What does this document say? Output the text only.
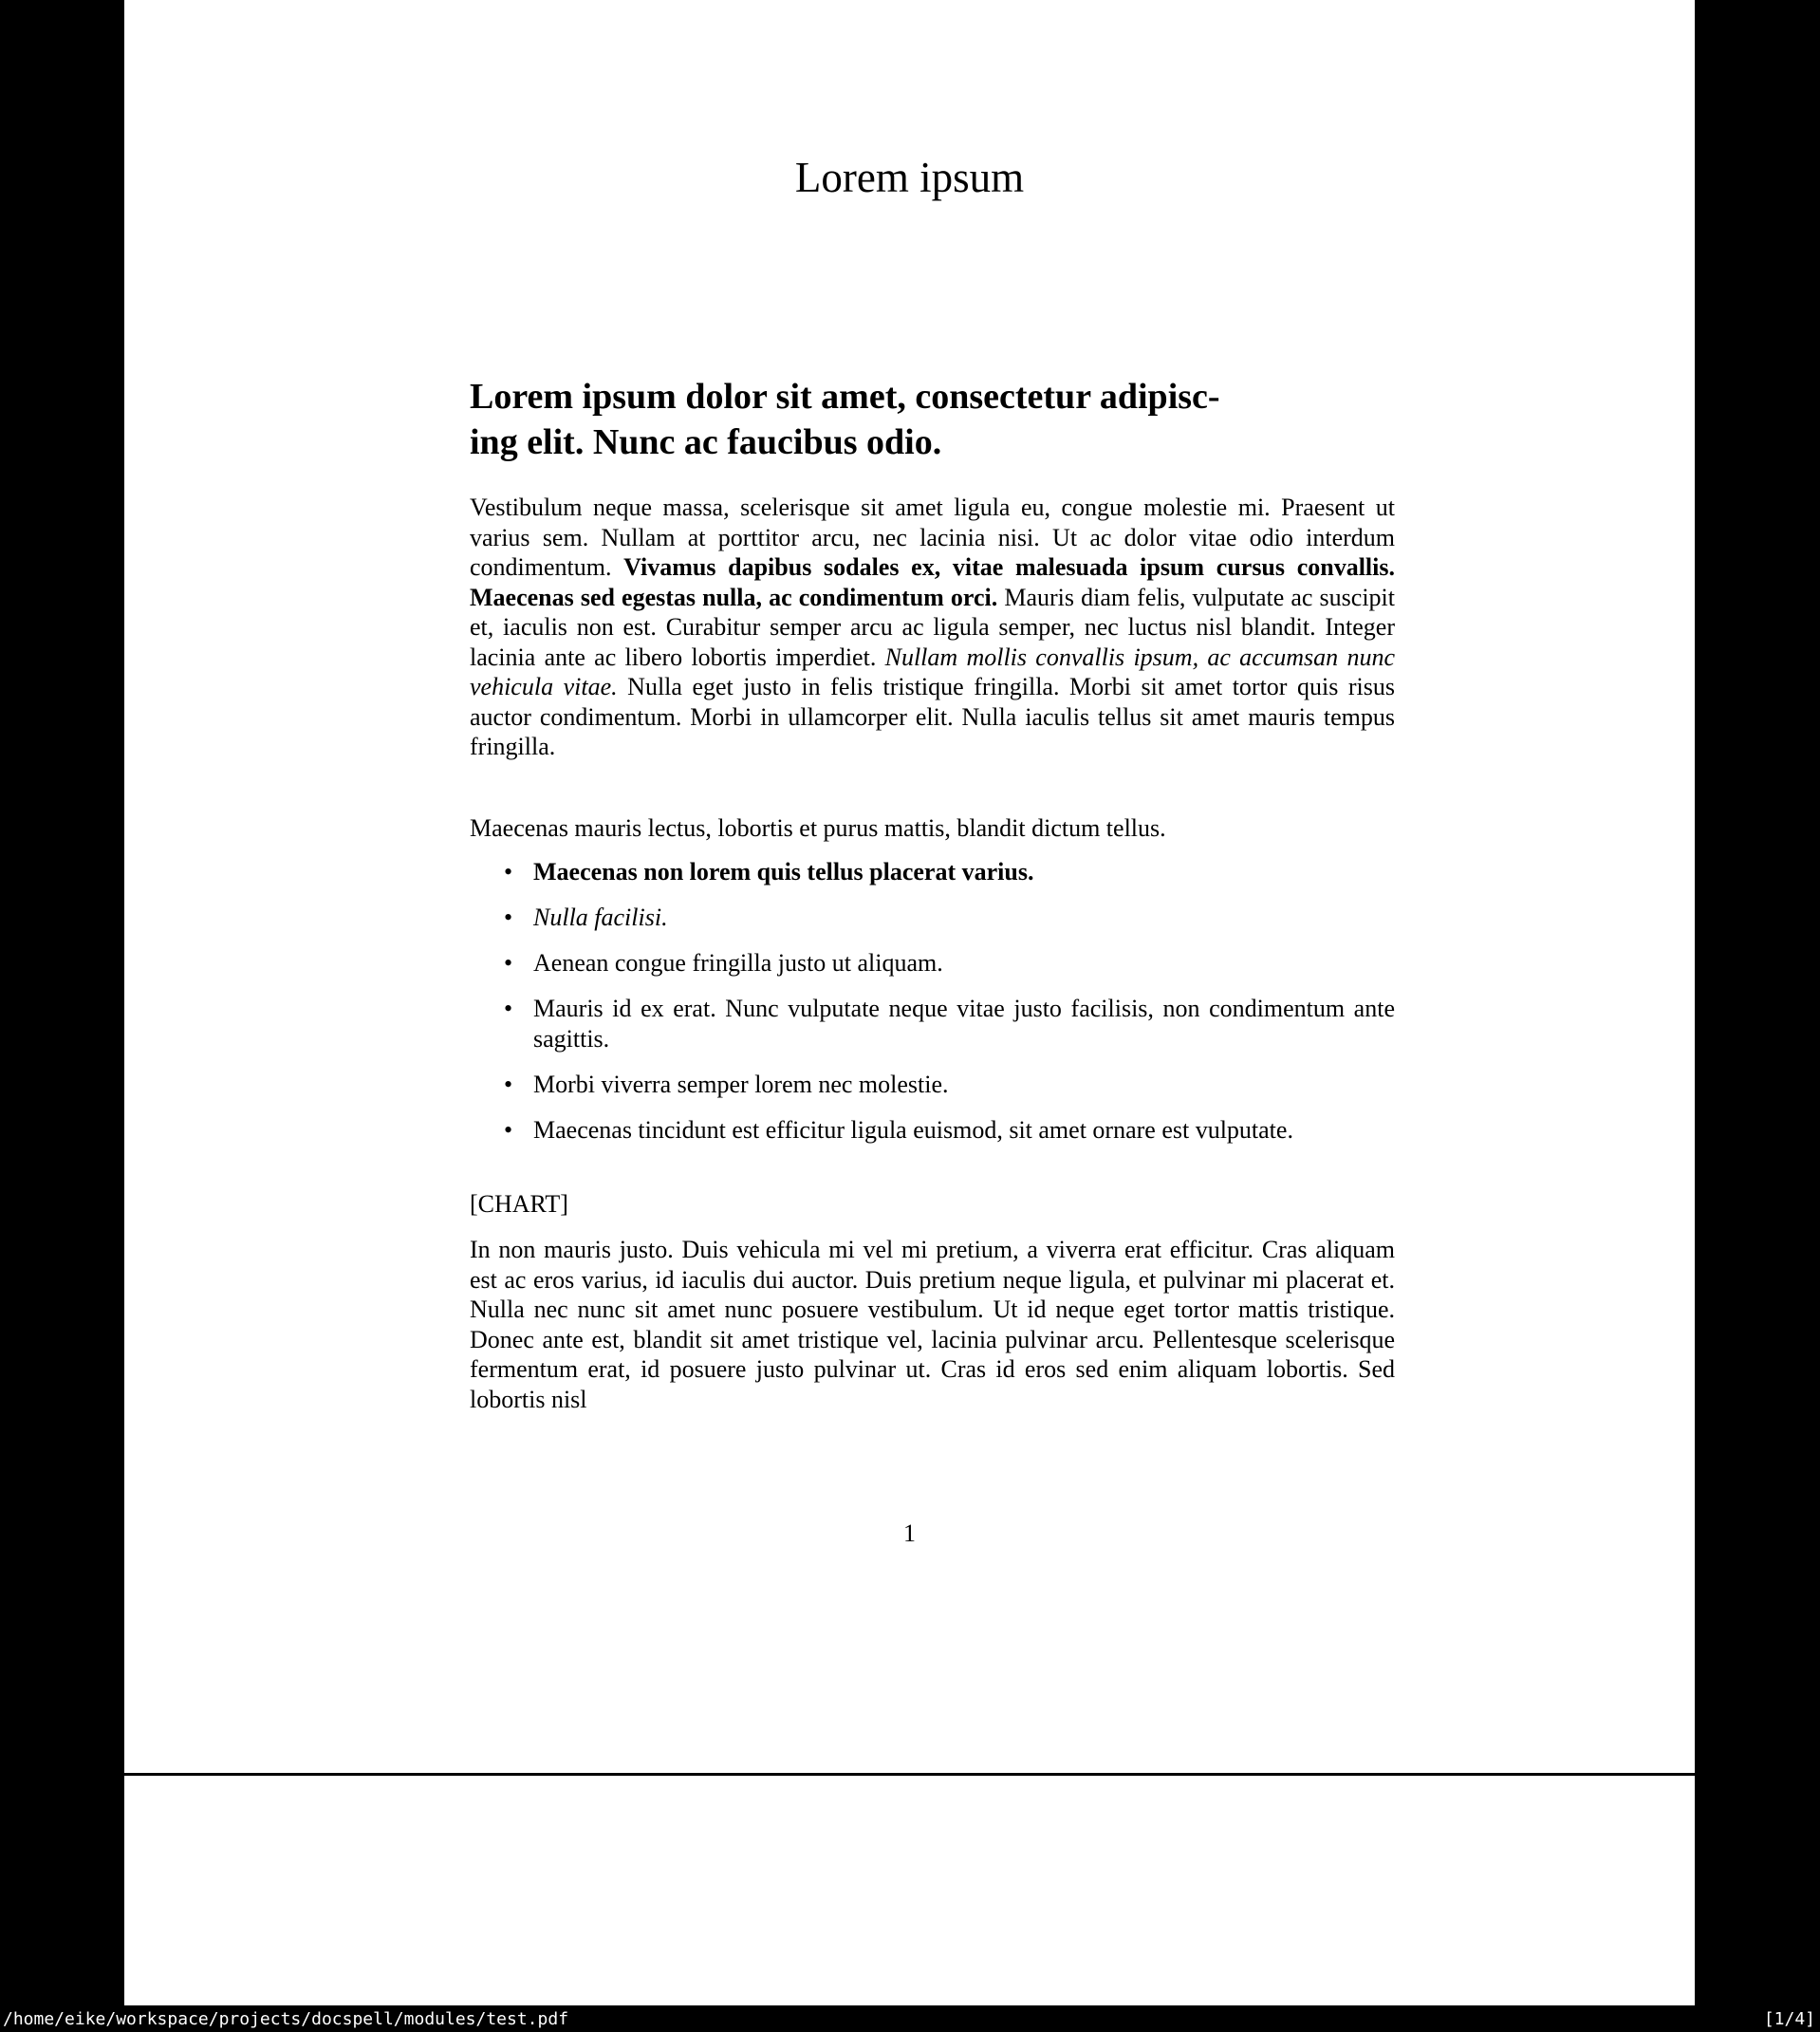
Lorem ipsum
Lorem ipsum dolor sit amet, consectetur adipisc-
ing elit. Nunc ac faucibus odio.

Vestibulum neque massa, scelerisque sit amet ligula eu, congue molestie mi. Praesent ut varius sem. Nullam at porttitor arcu, nec lacinia nisi. Ut ac dolor vitae odio interdum condimentum. Vivamus dapibus sodales ex, vitae malesuada ipsum cursus convallis. Maecenas sed egestas nulla, ac condimentum orci. Mauris diam felis, vulputate ac suscipit et, iaculis non est. Curabitur semper arcu ac ligula semper, nec luctus nisl blandit. Integer lacinia ante ac libero lobortis imperdiet. Nullam mollis convallis ipsum, ac accumsan nunc vehicula vitae. Nulla eget justo in felis tristique fringilla. Morbi sit amet tortor quis risus auctor condimentum. Morbi in ullamcorper elit. Nulla iaculis tellus sit amet mauris tempus fringilla.

Maecenas mauris lectus, lobortis et purus mattis, blandit dictum tellus.

• Maecenas non lorem quis tellus placerat varius.
• Nulla facilisi.
• Aenean congue fringilla justo ut aliquam.
• Mauris id ex erat. Nunc vulputate neque vitae justo facilisis, non condimentum ante sagittis.
• Morbi viverra semper lorem nec molestie.
• Maecenas tincidunt est efficitur ligula euismod, sit amet ornare est vulputate.

[CHART]

In non mauris justo. Duis vehicula mi vel mi pretium, a viverra erat efficitur. Cras aliquam est ac eros varius, id iaculis dui auctor. Duis pretium neque ligula, et pulvinar mi placerat et. Nulla nec nunc sit amet nunc posuere vestibulum. Ut id neque eget tortor mattis tristique. Donec ante est, blandit sit amet tristique vel, lacinia pulvinar arcu. Pellentesque scelerisque fermentum erat, id posuere justo pulvinar ut. Cras id eros sed enim aliquam lobortis. Sed lobortis nisl

1
/home/eike/workspace/projects/docspell/modules/test.pdf	[1/4]
